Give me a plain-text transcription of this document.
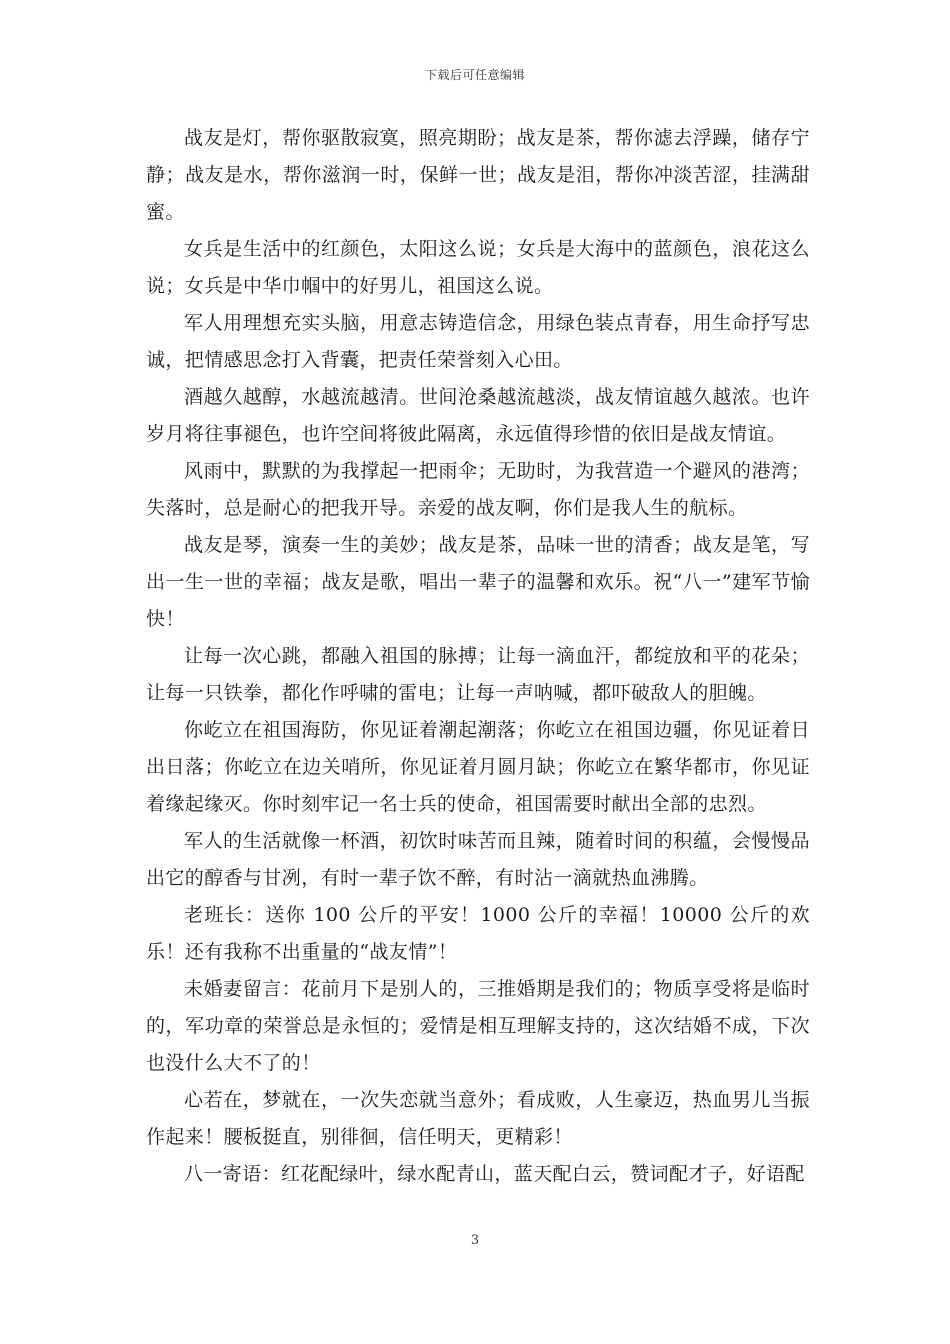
下载后可任意编辑

战友是灯，帮你驱散寂寞，照亮期盼；战友是茶，帮你滤去浮躁，储存宁静；战友是水，帮你滋润一时，保鲜一世；战友是泪，帮你冲淡苦涩，挂满甜蜜。

女兵是生活中的红颜色，太阳这么说；女兵是大海中的蓝颜色，浪花这么说；女兵是中华巾帼中的好男儿，祖国这么说。

军人用理想充实头脑，用意志铸造信念，用绿色装点青春，用生命抒写忠诚，把情感思念打入背囊，把责任荣誉刻入心田。

酒越久越醇，水越流越清。世间沧桑越流越淡，战友情谊越久越浓。也许岁月将往事褪色，也许空间将彼此隔离，永远值得珍惜的依旧是战友情谊。

风雨中，默默的为我撑起一把雨伞；无助时，为我营造一个避风的港湾；失落时，总是耐心的把我开导。亲爱的战友啊，你们是我人生的航标。

战友是琴，演奏一生的美妙；战友是茶，品味一世的清香；战友是笔，写出一生一世的幸福；战友是歌，唱出一辈子的温馨和欢乐。祝“八一”建军节愉快！

让每一次心跳，都融入祖国的脉搏；让每一滴血汗，都绽放和平的花朵；让每一只铁拳，都化作呼啸的雷电；让每一声呐喊，都吓破敌人的胆魄。

你屹立在祖国海防，你见证着潮起潮落；你屹立在祖国边疆，你见证着日出日落；你屹立在边关哨所，你见证着月圆月缺；你屹立在繁华都市，你见证着缘起缘灭。你时刻牢记一名士兵的使命，祖国需要时献出全部的忠烈。

军人的生活就像一杯酒，初饮时味苦而且辣，随着时间的积蕴，会慢慢品出它的醇香与甘冽，有时一辈子饮不醉，有时沾一滴就热血沸腾。

老班长：送你 100 公斤的平安！1000 公斤的幸福！10000 公斤的欢乐！还有我称不出重量的“战友情”！

未婚妻留言：花前月下是别人的，三推婚期是我们的；物质享受将是临时的，军功章的荣誉总是永恒的；爱情是相互理解支持的，这次结婚不成，下次也没什么大不了的！

心若在，梦就在，一次失恋就当意外；看成败，人生豪迈，热血男儿当振作起来！腰板挺直，别徘徊，信任明天，更精彩！

八一寄语：红花配绿叶，绿水配青山，蓝天配白云，赞词配才子，好语配

3
